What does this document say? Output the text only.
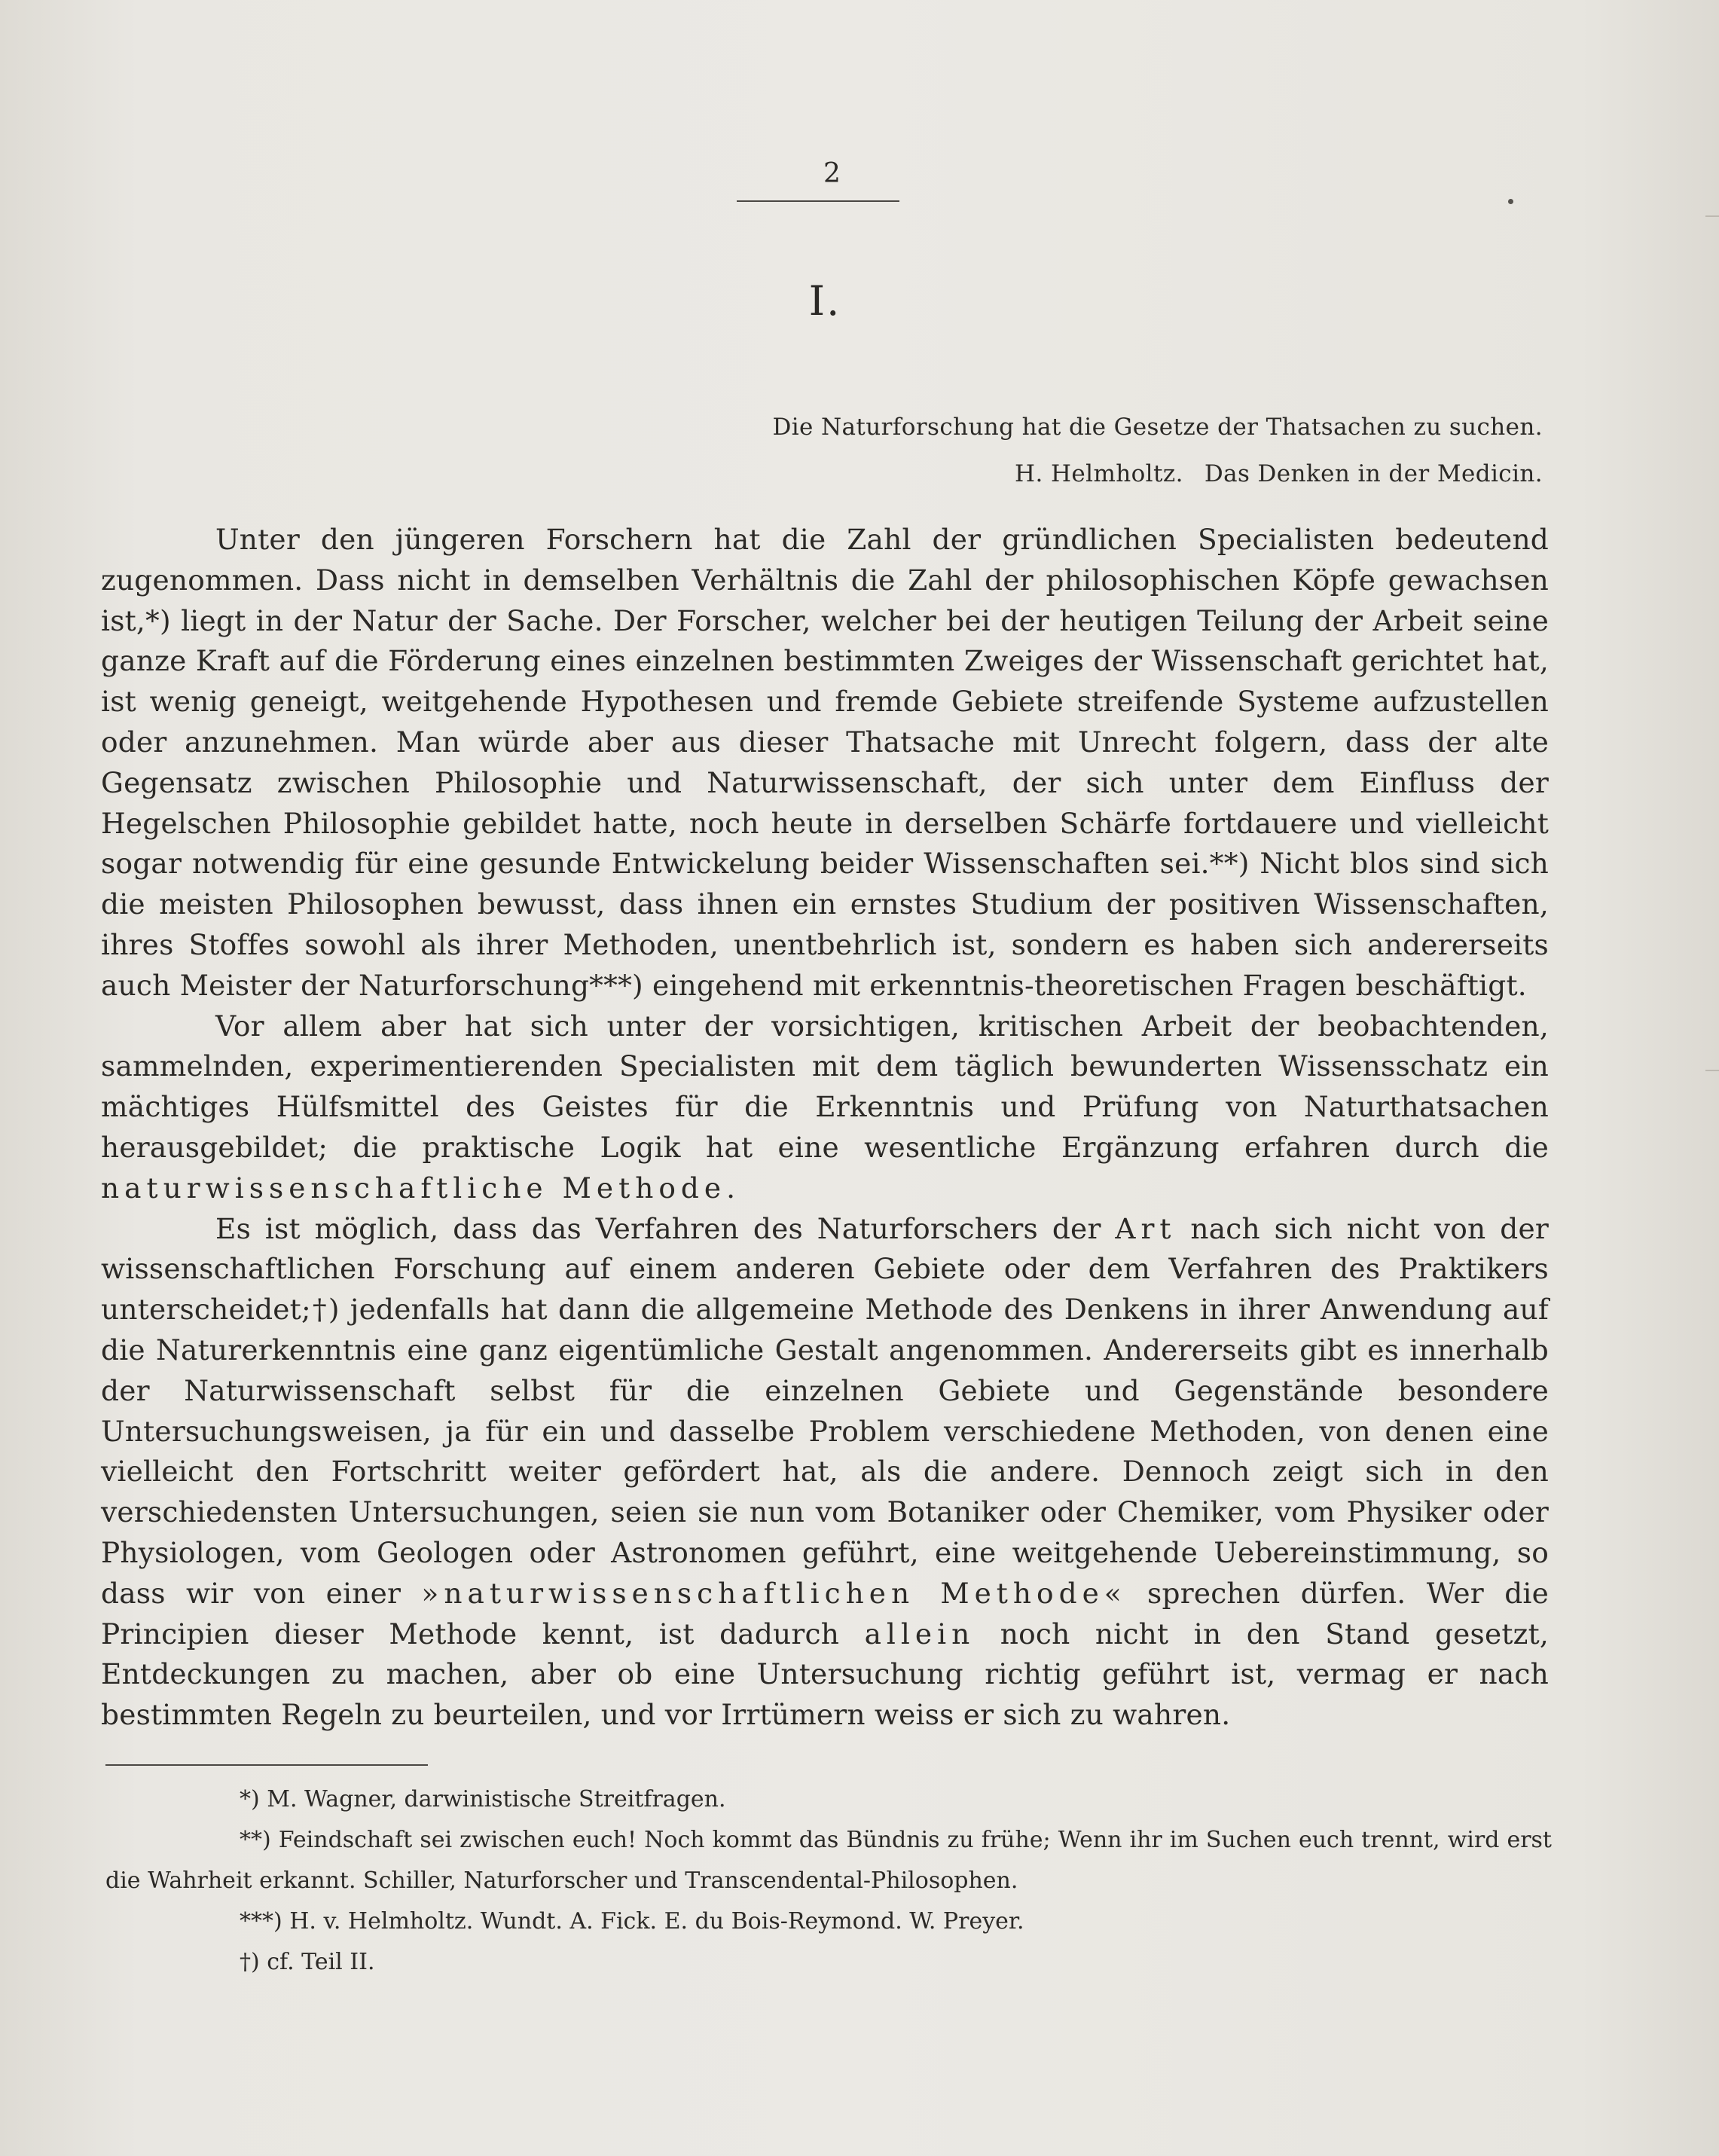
2
I.
Die Naturforschung hat die Gesetze der Thatsachen zu suchen.
H. Helmholtz. Das Denken in der Medicin.

Unter den jüngeren Forschern hat die Zahl der gründlichen Specialisten bedeutend zugenommen. Dass nicht in demselben Verhältnis die Zahl der philosophischen Köpfe gewachsen ist,*) liegt in der Natur der Sache. Der Forscher, welcher bei der heutigen Teilung der Arbeit seine ganze Kraft auf die Förderung eines einzelnen bestimmten Zweiges der Wissenschaft gerichtet hat, ist wenig geneigt, weitgehende Hypothesen und fremde Gebiete streifende Systeme aufzustellen oder anzunehmen. Man würde aber aus dieser Thatsache mit Unrecht folgern, dass der alte Gegensatz zwischen Philosophie und Naturwissenschaft, der sich unter dem Einfluss der Hegelschen Philosophie gebildet hatte, noch heute in derselben Schärfe fortdauere und vielleicht sogar notwendig für eine gesunde Entwickelung beider Wissenschaften sei.**) Nicht blos sind sich die meisten Philosophen bewusst, dass ihnen ein ernstes Studium der positiven Wissenschaften, ihres Stoffes sowohl als ihrer Methoden, unentbehrlich ist, sondern es haben sich andererseits auch Meister der Naturforschung***) eingehend mit erkenntnis-theoretischen Fragen beschäftigt.

Vor allem aber hat sich unter der vorsichtigen, kritischen Arbeit der beobachtenden, sammelnden, experimentierenden Specialisten mit dem täglich bewunderten Wissensschatz ein mächtiges Hülfsmittel des Geistes für die Erkenntnis und Prüfung von Naturthatsachen herausgebildet; die praktische Logik hat eine wesentliche Ergänzung erfahren durch die naturwissenschaftliche Methode.

Es ist möglich, dass das Verfahren des Naturforschers der Art nach sich nicht von der wissenschaftlichen Forschung auf einem anderen Gebiete oder dem Verfahren des Praktikers unterscheidet;†) jedenfalls hat dann die allgemeine Methode des Denkens in ihrer Anwendung auf die Naturerkenntnis eine ganz eigentümliche Gestalt angenommen. Andererseits gibt es innerhalb der Naturwissenschaft selbst für die einzelnen Gebiete und Gegenstände besondere Untersuchungsweisen, ja für ein und dasselbe Problem verschiedene Methoden, von denen eine vielleicht den Fortschritt weiter gefördert hat, als die andere. Dennoch zeigt sich in den verschiedensten Untersuchungen, seien sie nun vom Botaniker oder Chemiker, vom Physiker oder Physiologen, vom Geologen oder Astronomen geführt, eine weitgehende Uebereinstimmung, so dass wir von einer »naturwissenschaftlichen Methode« sprechen dürfen. Wer die Principien dieser Methode kennt, ist dadurch allein noch nicht in den Stand gesetzt, Entdeckungen zu machen, aber ob eine Untersuchung richtig geführt ist, vermag er nach bestimmten Regeln zu beurteilen, und vor Irrtümern weiss er sich zu wahren.

*) M. Wagner, darwinistische Streitfragen.

**) Feindschaft sei zwischen euch! Noch kommt das Bündnis zu frühe; Wenn ihr im Suchen euch trennt, wird erst die Wahrheit erkannt. Schiller, Naturforscher und Transcendental-Philosophen.

***) H. v. Helmholtz. Wundt. A. Fick. E. du Bois-Reymond. W. Preyer.

†) cf. Teil II.
